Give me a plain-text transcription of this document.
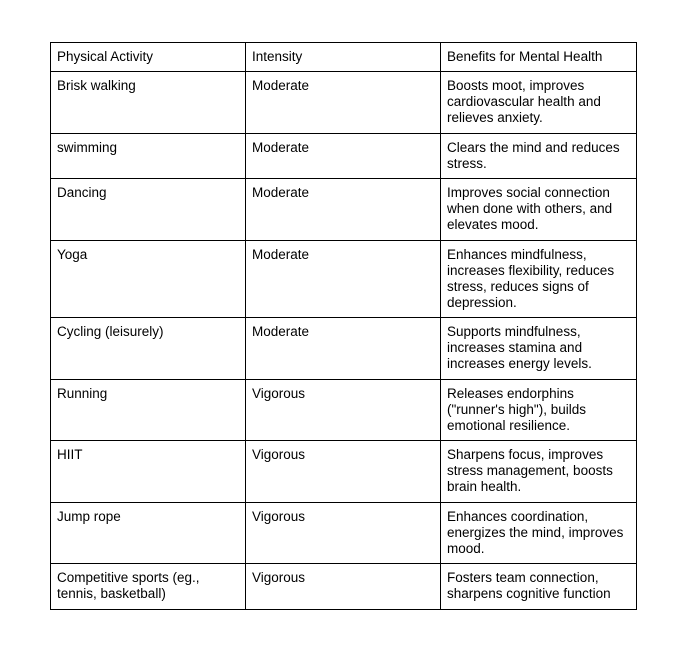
Physical Activity	Intensity	Benefits for Mental Health
Brisk walking	Moderate	Boosts moot, improves cardiovascular health and relieves anxiety.
swimming	Moderate	Clears the mind and reduces stress.
Dancing	Moderate	Improves social connection when done with others, and elevates mood.
Yoga	Moderate	Enhances mindfulness, increases flexibility, reduces stress, reduces signs of depression.
Cycling (leisurely)	Moderate	Supports mindfulness, increases stamina and increases energy levels.
Running	Vigorous	Releases endorphins ("runner's high"), builds emotional resilience.
HIIT	Vigorous	Sharpens focus, improves stress management, boosts brain health.
Jump rope	Vigorous	Enhances coordination, energizes the mind, improves mood.
Competitive sports (eg., tennis, basketball)	Vigorous	Fosters team connection, sharpens cognitive function
